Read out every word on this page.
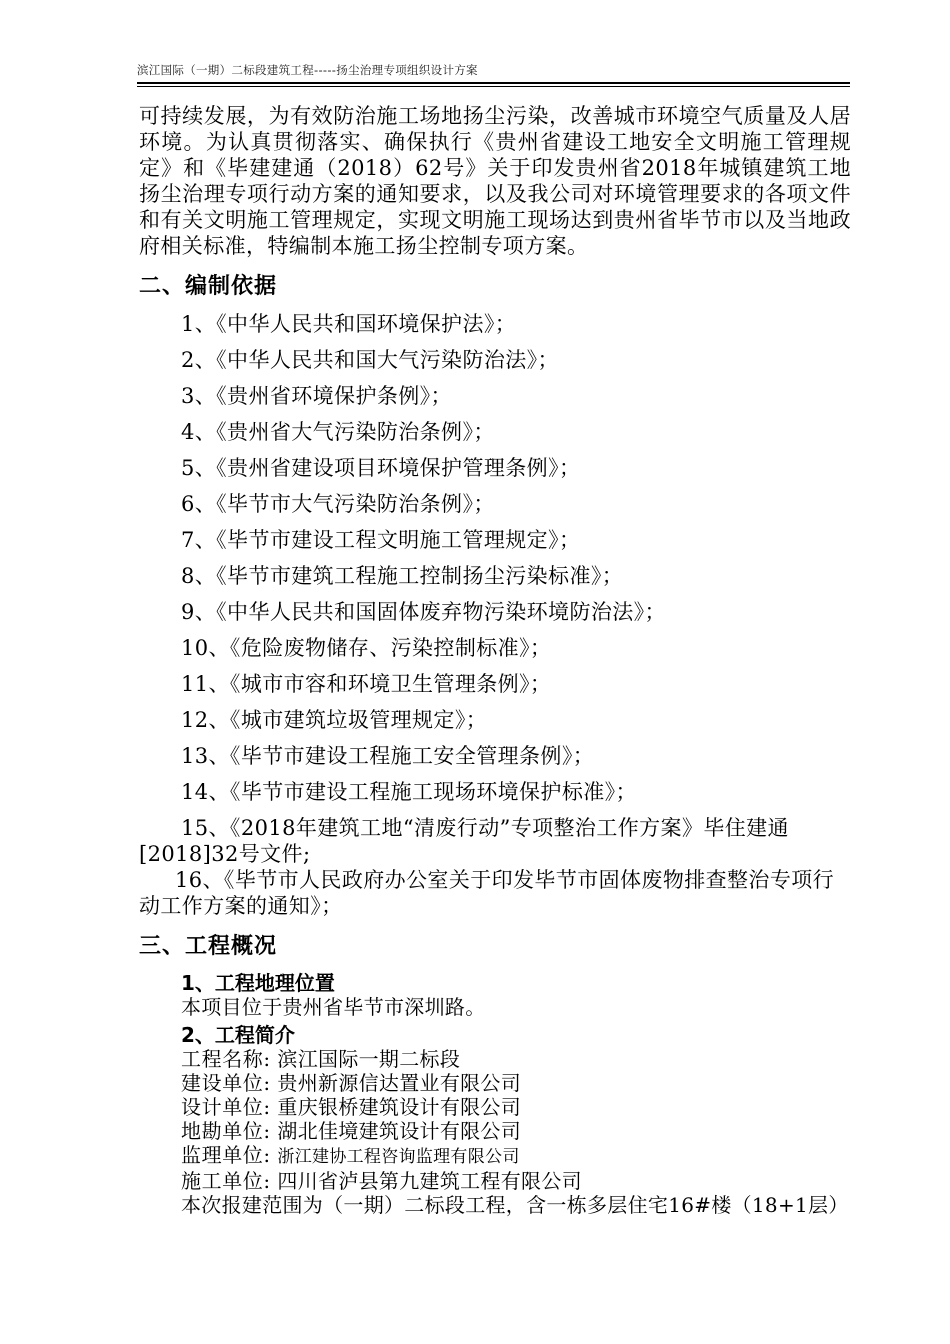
滨江国际（一期）二标段建筑工程-----扬尘治理专项组织设计方案

可持续发展，为有效防治施工场地扬尘污染，改善城市环境空气质量及人居环境。为认真贯彻落实、确保执行《贵州省建设工地安全文明施工管理规定》和《毕建建通（2018）62号》关于印发贵州省2018年城镇建筑工地扬尘治理专项行动方案的通知要求，以及我公司对环境管理要求的各项文件和有关文明施工管理规定，实现文明施工现场达到贵州省毕节市以及当地政府相关标准，特编制本施工扬尘控制专项方案。

二、编制依据
1、《中华人民共和国环境保护法》；
2、《中华人民共和国大气污染防治法》；
3、《贵州省环境保护条例》；
4、《贵州省大气污染防治条例》；
5、《贵州省建设项目环境保护管理条例》；
6、《毕节市大气污染防治条例》；
7、《毕节市建设工程文明施工管理规定》；
8、《毕节市建筑工程施工控制扬尘污染标准》；
9、《中华人民共和国固体废弃物污染环境防治法》；
10、《危险废物储存、污染控制标准》；
11、《城市市容和环境卫生管理条例》；
12、《城市建筑垃圾管理规定》；
13、《毕节市建设工程施工安全管理条例》；
14、《毕节市建设工程施工现场环境保护标准》；
15、《2018年建筑工地“清废行动”专项整治工作方案》毕住建通[2018]32号文件;
16、《毕节市人民政府办公室关于印发毕节市固体废物排查整治专项行动工作方案的通知》；
三、工程概况
1、工程地理位置

本项目位于贵州省毕节市深圳路。

2、工程简介

工程名称: 滨江国际一期二标段

建设单位: 贵州新源信达置业有限公司

设计单位: 重庆银桥建筑设计有限公司

地勘单位: 湖北佳境建筑设计有限公司

监理单位: 浙江建协工程咨询监理有限公司

施工单位: 四川省泸县第九建筑工程有限公司

本次报建范围为（一期）二标段工程，含一栋多层住宅16#楼（18+1层）
